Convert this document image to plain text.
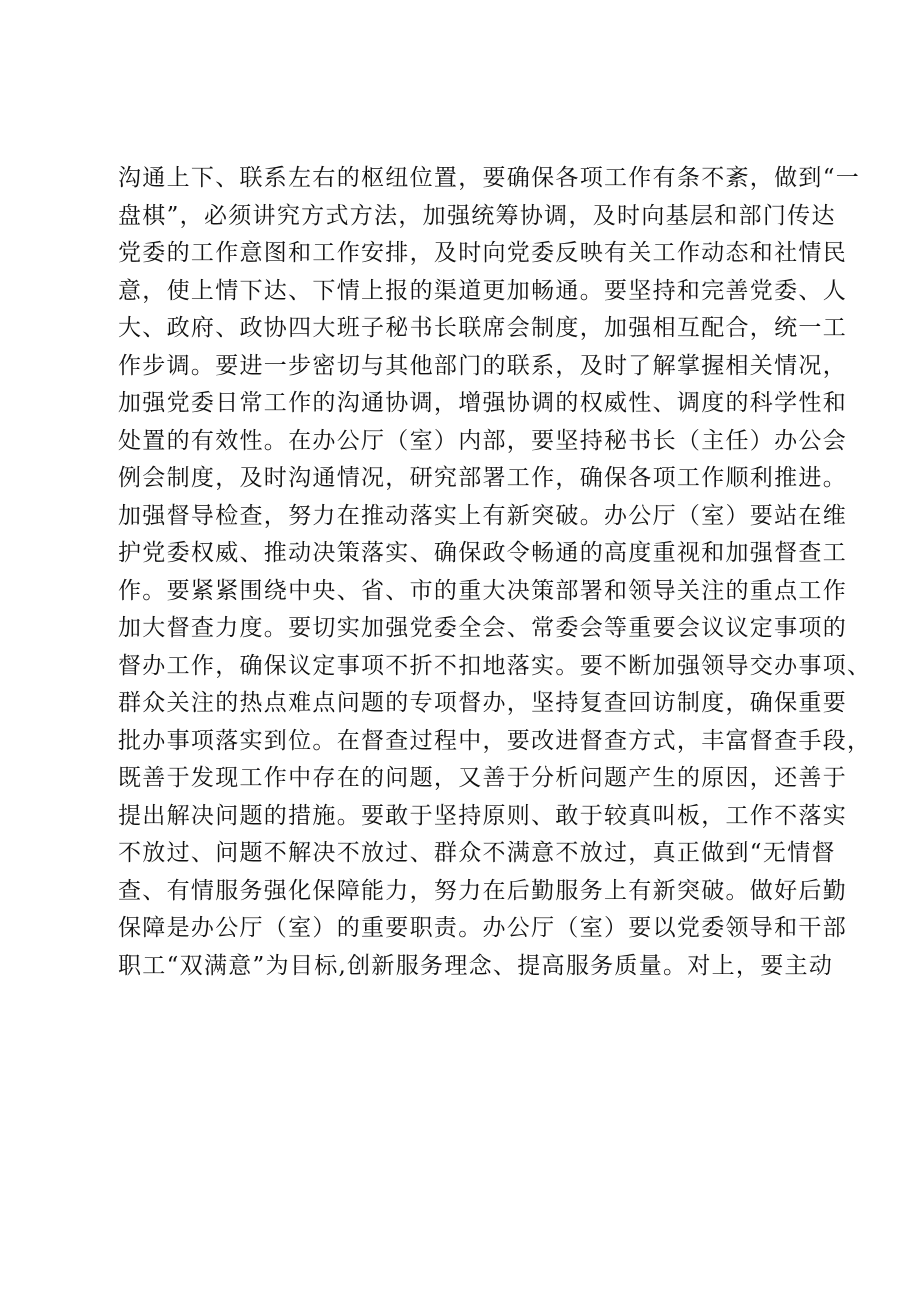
沟通上下、联系左右的枢纽位置，要确保各项工作有条不紊，做到“一
盘棋”，必须讲究方式方法，加强统筹协调，及时向基层和部门传达
党委的工作意图和工作安排，及时向党委反映有关工作动态和社情民
意，使上情下达、下情上报的渠道更加畅通。要坚持和完善党委、人
大、政府、政协四大班子秘书长联席会制度，加强相互配合，统一工
作步调。要进一步密切与其他部门的联系，及时了解掌握相关情况，
加强党委日常工作的沟通协调，增强协调的权威性、调度的科学性和
处置的有效性。在办公厅（室）内部，要坚持秘书长（主任）办公会
例会制度，及时沟通情况，研究部署工作，确保各项工作顺利推进。
加强督导检查，努力在推动落实上有新突破。办公厅（室）要站在维
护党委权威、推动决策落实、确保政令畅通的高度重视和加强督查工
作。要紧紧围绕中央、省、市的重大决策部署和领导关注的重点工作
加大督查力度。要切实加强党委全会、常委会等重要会议议定事项的
督办工作，确保议定事项不折不扣地落实。要不断加强领导交办事项、
群众关注的热点难点问题的专项督办，坚持复查回访制度，确保重要
批办事项落实到位。在督查过程中，要改进督查方式，丰富督查手段，
既善于发现工作中存在的问题，又善于分析问题产生的原因，还善于
提出解决问题的措施。要敢于坚持原则、敢于较真叫板，工作不落实
不放过、问题不解决不放过、群众不满意不放过，真正做到“无情督
查、有情服务强化保障能力，努力在后勤服务上有新突破。做好后勤
保障是办公厅（室）的重要职责。办公厅（室）要以党委领导和干部
职工“双满意”为目标,创新服务理念、提高服务质量。对上，要主动
